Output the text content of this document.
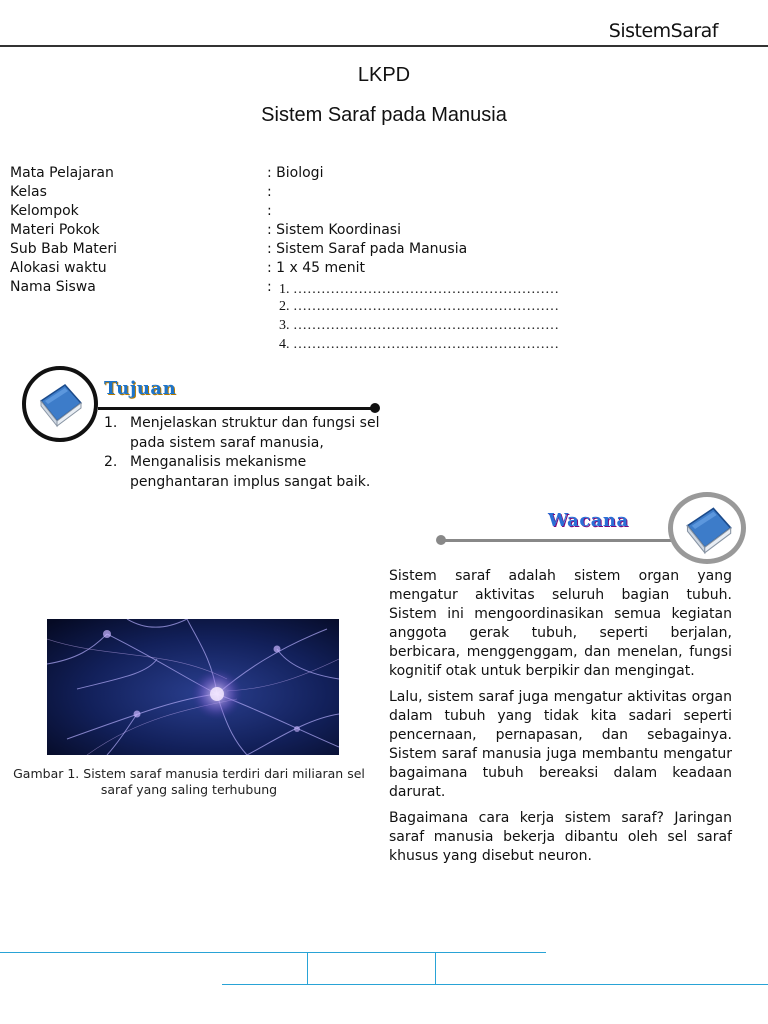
SistemSaraf
LKPD
Sistem Saraf pada Manusia
Mata Pelajaran	: Biologi
Kelas	:
Kelompok	:
Materi Pokok	: Sistem Koordinasi
Sub Bab Materi	: Sistem Saraf pada Manusia
Alokasi waktu	: 1 x 45 menit
Nama Siswa	: 1. …………………………………………………
2. …………………………………………………
3. …………………………………………………
4. …………………………………………………
Tujuan
1. Menjelaskan struktur dan fungsi sel pada sistem saraf manusia,
2. Menganalisis mekanisme penghantaran implus sangat baik.
Wacana
Gambar 1. Sistem saraf manusia terdiri dari miliaran sel saraf yang saling terhubung

Sistem saraf adalah sistem organ yang mengatur aktivitas seluruh bagian tubuh. Sistem ini mengoordinasikan semua kegiatan anggota gerak tubuh, seperti berjalan, berbicara, menggenggam, dan menelan, fungsi kognitif otak untuk berpikir dan mengingat.

Lalu, sistem saraf juga mengatur aktivitas organ dalam tubuh yang tidak kita sadari seperti pencernaan, pernapasan, dan sebagainya. Sistem saraf manusia juga membantu mengatur bagaimana tubuh bereaksi dalam keadaan darurat.

Bagaimana cara kerja sistem saraf? Jaringan saraf manusia bekerja dibantu oleh sel saraf khusus yang disebut neuron.
